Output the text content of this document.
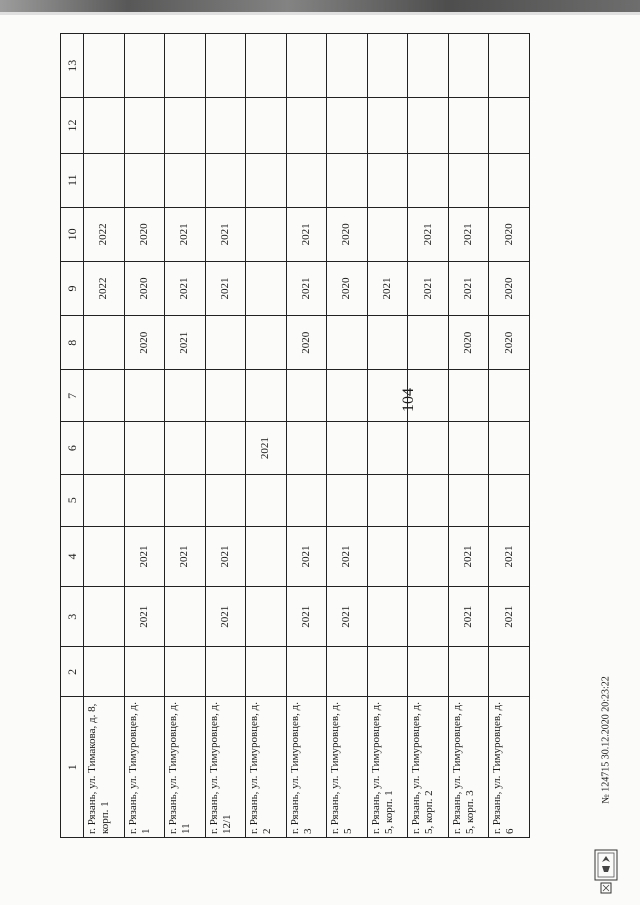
104
1	2	3	4	5	6	7	8	9	10	11	12	13
г. Рязань, ул. Тимакова, д. 8, корп. 1								2022	2022			
г. Рязань, ул. Тимуровцев, д. 1		2021	2021				2020	2020	2020			
г. Рязань, ул. Тимуровцев, д. 11			2021				2021	2021	2021			
г. Рязань, ул. Тимуровцев, д. 12/1		2021	2021					2021	2021			
г. Рязань, ул. Тимуровцев, д. 2					2021							
г. Рязань, ул. Тимуровцев, д. 3		2021	2021				2020	2021	2021			
г. Рязань, ул. Тимуровцев, д. 5		2021	2021					2020	2020			
г. Рязань, ул. Тимуровцев, д. 5, корп. 1								2021				
г. Рязань, ул. Тимуровцев, д. 5, корп. 2								2021	2021			
г. Рязань, ул. Тимуровцев, д. 5, корп. 3		2021	2021				2020	2021	2021			
г. Рязань, ул. Тимуровцев, д. 6		2021	2021				2020	2020	2020			
№ 124715 30.12.2020 20:23:22
